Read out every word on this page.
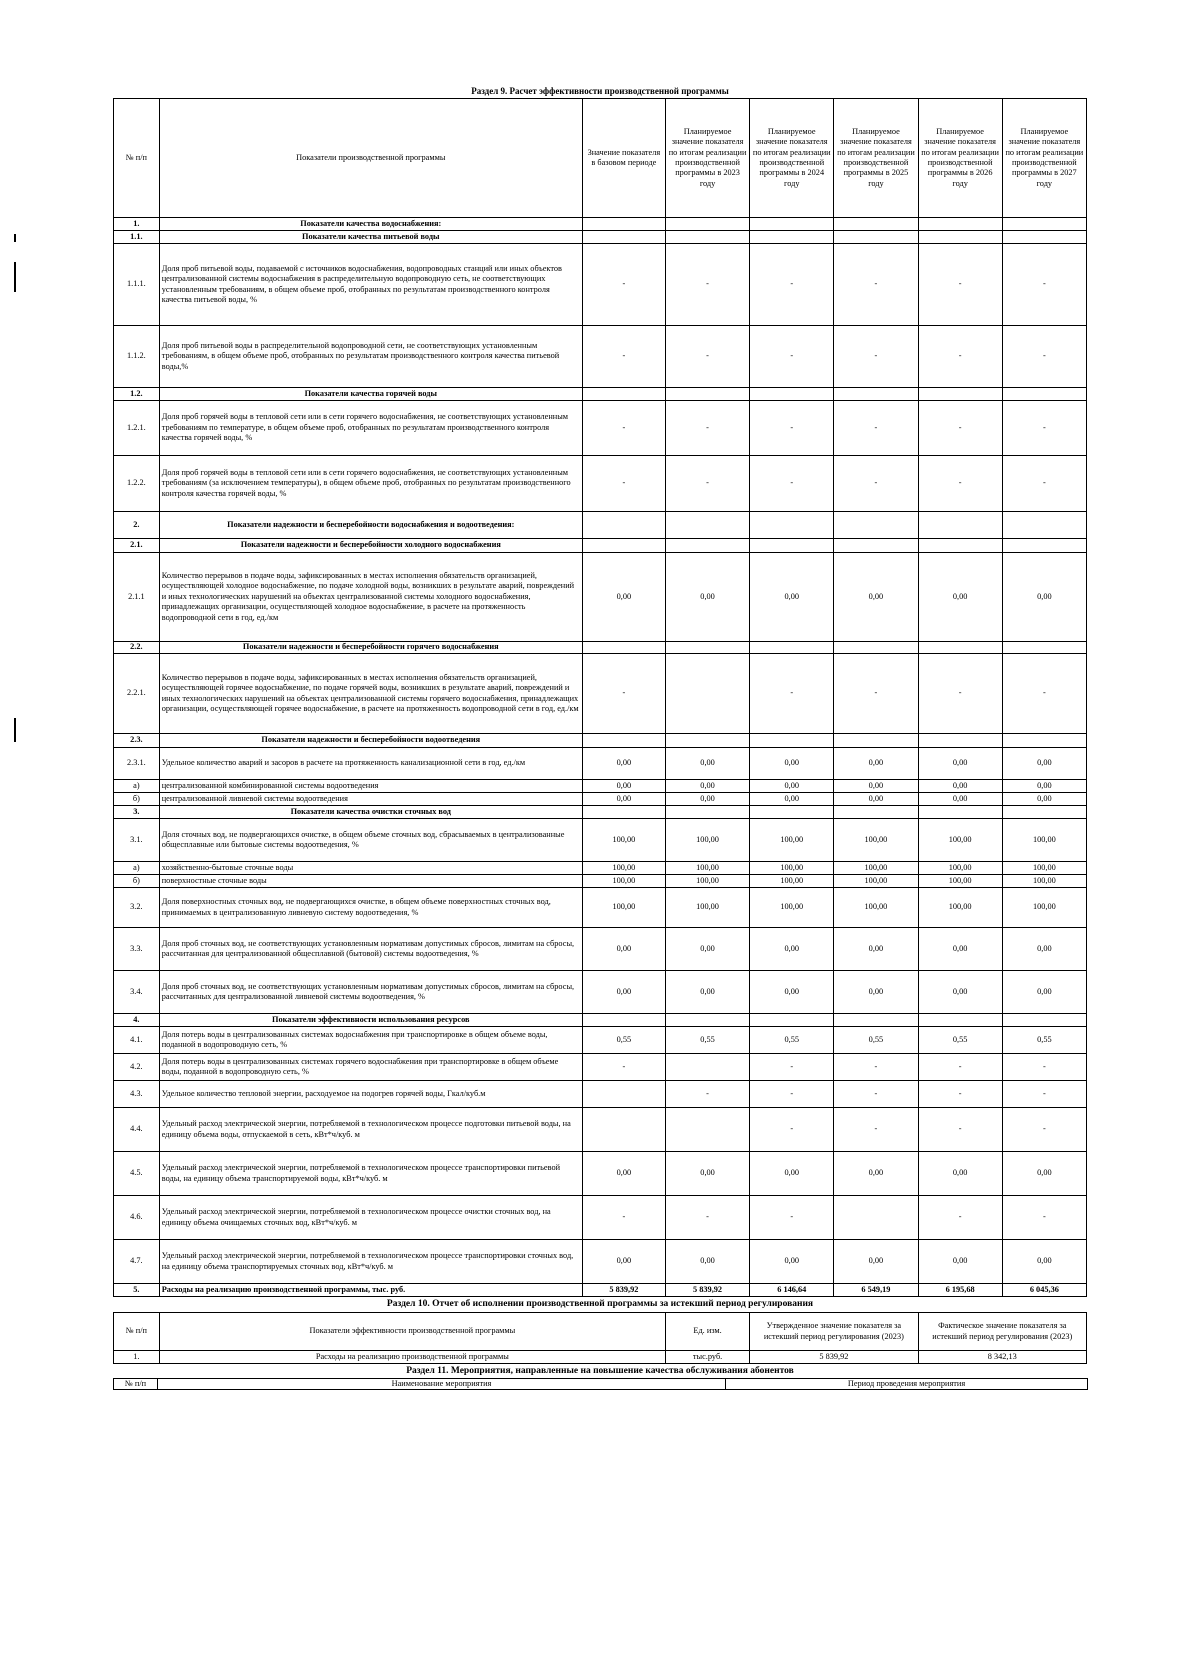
Раздел 9. Расчет эффективности производственной программы
№ п/п	Показатели производственной программы	Значение показателя в базовом периоде	Планируемое значение показателя по итогам реализации производственной программы в 2023 году	Планируемое значение показателя по итогам реализации производственной программы в 2024 году	Планируемое значение показателя по итогам реализации производственной программы в 2025 году	Планируемое значение показателя по итогам реализации производственной программы в 2026 году	Планируемое значение показателя по итогам реализации производственной программы в 2027 году
1.	Показатели качества водоснабжения:						
1.1.	Показатели качества питьевой воды						
1.1.1.	Доля проб питьевой воды, подаваемой с источников водоснабжения, водопроводных станций или иных объектов централизованной системы водоснабжения в распределительную водопроводную сеть, не соответствующих установленным требованиям, в общем объеме проб, отобранных по результатам производственного контроля качества питьевой воды, %	-	-	-	-	-	-
1.1.2.	Доля проб питьевой воды в распределительной водопроводной сети, не соответствующих установленным требованиям, в общем объеме проб, отобранных по результатам производственного контроля качества питьевой воды,%	-	-	-	-	-	-
1.2.	Показатели качества горячей воды						
1.2.1.	Доля проб горячей воды в тепловой сети или в сети горячего водоснабжения, не соответствующих установленным требованиям по температуре, в общем объеме проб, отобранных по результатам производственного контроля качества горячей воды, %	-	-	-	-	-	-
1.2.2.	Доля проб горячей воды в тепловой сети или в сети горячего водоснабжения, не соответствующих установленным требованиям (за исключением температуры), в общем объеме проб, отобранных по результатам производственного контроля качества горячей воды, %	-	-	-	-	-	-
2.	Показатели надежности и бесперебойности водоснабжения и водоотведения:						
2.1.	Показатели надежности и бесперебойности холодного водоснабжения						
2.1.1	Количество перерывов в подаче воды, зафиксированных в местах исполнения обязательств организацией, осуществляющей холодное водоснабжение, по подаче холодной воды, возникших в результате аварий, повреждений и иных технологических нарушений на объектах централизованной системы холодного водоснабжения, принадлежащих организации, осуществляющей холодное водоснабжение, в расчете на протяженность водопроводной сети в год, ед./км	0,00	0,00	0,00	0,00	0,00	0,00
2.2.	Показатели надежности и бесперебойности горячего водоснабжения						
2.2.1.	Количество перерывов в подаче воды, зафиксированных в местах исполнения обязательств организацией, осуществляющей горячее водоснабжение, по подаче горячей воды, возникших в результате аварий, повреждений и иных технологических нарушений на объектах централизованной системы горячего водоснабжения, принадлежащих организации, осуществляющей горячее водоснабжение, в расчете на протяженность водопроводной сети в год, ед./км	-		-	-	-	-
2.3.	Показатели надежности и бесперебойности водоотведения						
2.3.1.	Удельное количество аварий и засоров в расчете на протяженность канализационной сети в год, ед./км	0,00	0,00	0,00	0,00	0,00	0,00
а)	централизованной комбинированной системы водоотведения	0,00	0,00	0,00	0,00	0,00	0,00
б)	централизованной ливневой системы водоотведения	0,00	0,00	0,00	0,00	0,00	0,00
3.	Показатели качества очистки сточных вод						
3.1.	Доля сточных вод, не подвергающихся очистке, в общем объеме сточных вод, сбрасываемых в централизованные общесплавные или бытовые системы водоотведения, %	100,00	100,00	100,00	100,00	100,00	100,00
а)	хозяйственно-бытовые сточные воды	100,00	100,00	100,00	100,00	100,00	100,00
б)	поверхностные сточные воды	100,00	100,00	100,00	100,00	100,00	100,00
3.2.	Доля поверхностных сточных вод, не подвергающихся очистке, в общем объеме поверхностных сточных вод, принимаемых в централизованную ливневую систему водоотведения, %	100,00	100,00	100,00	100,00	100,00	100,00
3.3.	Доля проб сточных вод, не соответствующих установленным нормативам допустимых сбросов, лимитам на сбросы, рассчитанная для централизованной общесплавной (бытовой) системы водоотведения, %	0,00	0,00	0,00	0,00	0,00	0,00
3.4.	Доля проб сточных вод, не соответствующих установленным нормативам допустимых сбросов, лимитам на сбросы, рассчитанных для централизованной ливневой системы водоотведения, %	0,00	0,00	0,00	0,00	0,00	0,00
4.	Показатели эффективности использования ресурсов						
4.1.	Доля потерь воды в централизованных системах водоснабжения при транспортировке в общем объеме воды, поданной в водопроводную сеть, %	0,55	0,55	0,55	0,55	0,55	0,55
4.2.	Доля потерь воды в централизованных системах горячего водоснабжения при транспортировке в общем объеме воды, поданной в водопроводную сеть, %	-		-	-	-	-
4.3.	Удельное количество тепловой энергии, расходуемое на подогрев горячей воды, Гкал/куб.м		-	-	-	-	-
4.4.	Удельный расход электрической энергии, потребляемой в технологическом процессе подготовки питьевой воды, на единицу объема воды, отпускаемой в сеть, кВт*ч/куб. м			-	-	-	-
4.5.	Удельный расход электрической энергии, потребляемой в технологическом процессе транспортировки питьевой воды, на единицу объема транспортируемой воды, кВт*ч/куб. м	0,00	0,00	0,00	0,00	0,00	0,00
4.6.	Удельный расход электрической энергии, потребляемой в технологическом процессе очистки сточных вод, на единицу объема очищаемых сточных вод, кВт*ч/куб. м	-	-	-		-	-
4.7.	Удельный расход электрической энергии, потребляемой в технологическом процессе транспортировки сточных вод, на единицу объема транспортируемых сточных вод, кВт*ч/куб. м	0,00	0,00	0,00	0,00	0,00	0,00
5.	Расходы на реализацию производственной программы, тыс. руб.	5 839,92	5 839,92	6 146,64	6 549,19	6 195,68	6 045,36
Раздел 10. Отчет об исполнении производственной программы за истекший период регулирования
№ п/п	Показатели эффективности производственной программы	Ед. изм.	Утвержденное значение показателя за истекший период регулирования (2023)	Фактическое значение показателя за истекший период регулирования (2023)
1.	Расходы на реализацию производственной программы	тыс.руб.	5 839,92	8 342,13
Раздел 11. Мероприятия, направленные на повышение качества обслуживания абонентов
№ п/п	Наименование мероприятия	Период проведения мероприятия
